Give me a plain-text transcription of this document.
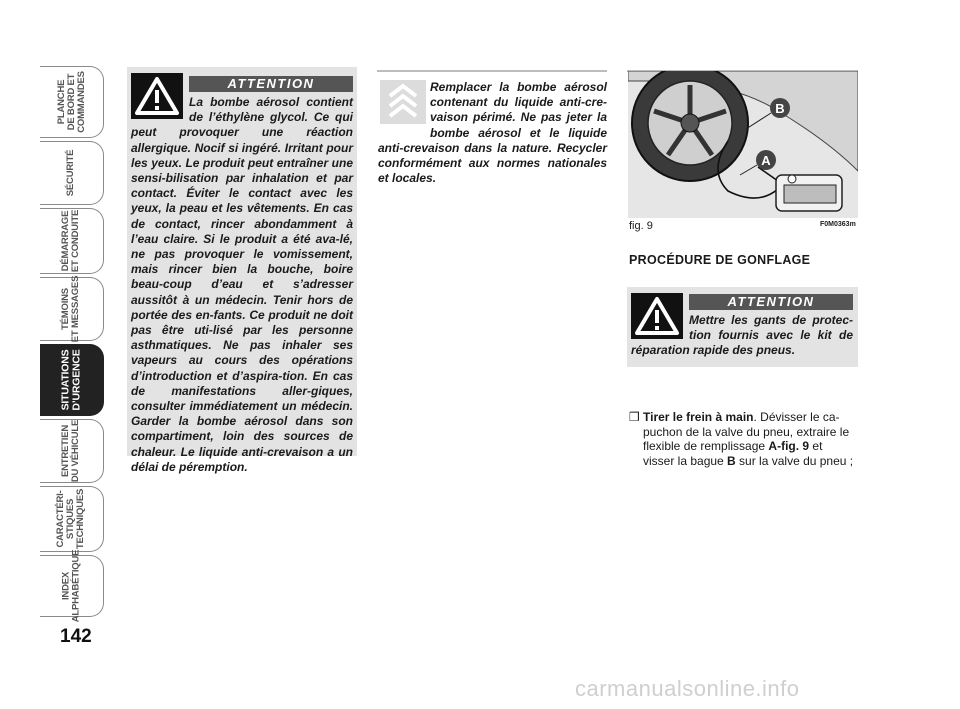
PLANCHE
DE BORD ET
COMMANDES
SÉCURITÉ
DÉMARRAGE
ET CONDUITE
TÉMOINS
ET MESSAGES
SITUATIONS
D’URGENCE
ENTRETIEN
DU VÉHICULE
CARACTÉRI-
STIQUES
TECHNIQUES
INDEX
ALPHABÉTIQUE
142
ATTENTION
La bombe aérosol contient de l’éthylène glycol. Ce qui peut provoquer une réaction allergique. Nocif si ingéré. Irritant pour les yeux. Le produit peut entraîner une sensi-bilisation par inhalation et par contact. Éviter le contact avec les yeux, la peau et les vêtements. En cas de contact, rincer abondamment à l’eau claire. Si le produit a été ava-lé, ne pas provoquer le vomissement, mais rincer bien la bouche, boire beau-coup d’eau et s’adresser aussitôt à un médecin. Tenir hors de portée des en-fants. Ce produit ne doit pas être uti-lisé par les personne asthmatiques. Ne pas inhaler ses vapeurs au cours des opérations d’introduction et d’aspira-tion. En cas de manifestations aller-giques, consulter immédiatement un médecin. Garder la bombe aérosol dans son compartiment, loin des sources de chaleur. Le liquide anti-crevaison a un délai de péremption.
Remplacer la bombe aérosol contenant du liquide anti-cre-vaison périmé. Ne pas jeter la bombe aérosol et le liquide anti-crevaison dans la nature. Recycler conformément aux normes nationales et locales.
B
A
fig. 9	F0M0363m
PROCÉDURE DE GONFLAGE
ATTENTION
Mettre les gants de protec-tion fournis avec le kit de réparation rapide des pneus.
❒ Tirer le frein à main. Dévisser le ca-puchon de la valve du pneu, extraire le flexible de remplissage A-fig. 9 et visser la bague B sur la valve du pneu ;
carmanualsonline.info
